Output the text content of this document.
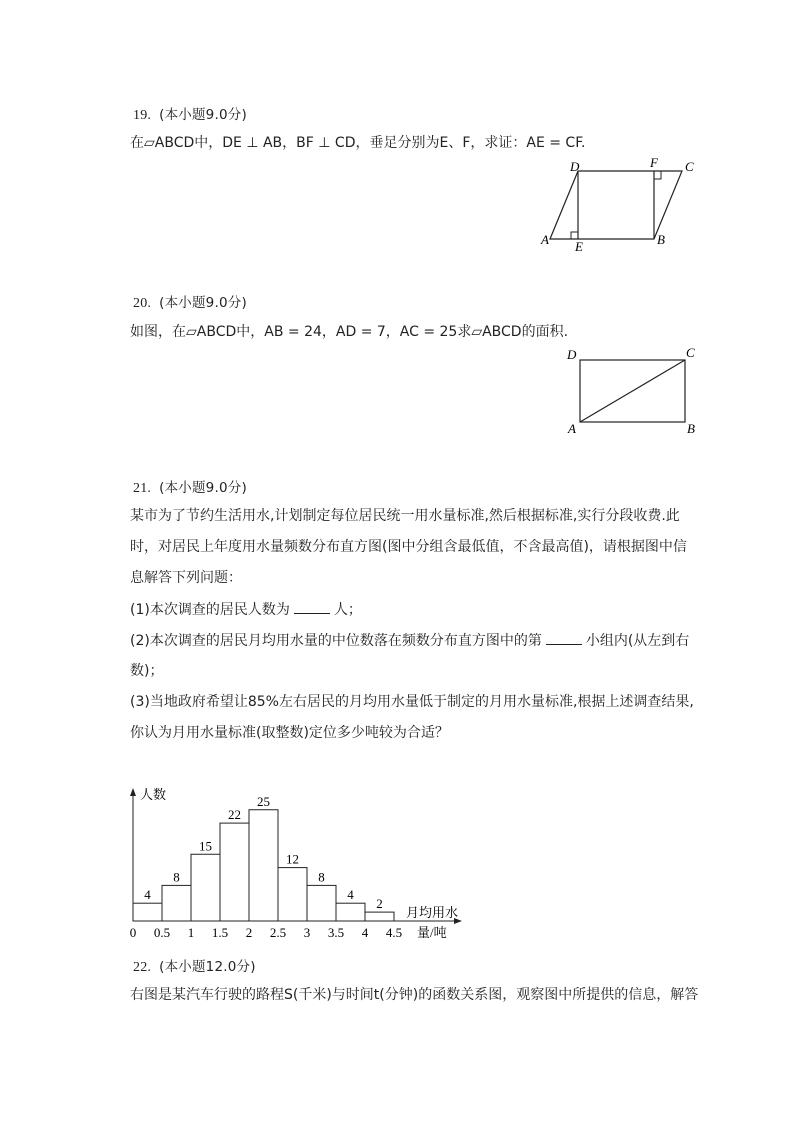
19. (本小题9.0分)
在▱ABCD中，DE ⊥ AB，BF ⊥ CD，垂足分别为E、F，求证：AE = CF.
A	B
C
D
E
F
20. (本小题9.0分)
如图，在▱ABCD中，AB = 24，AD = 7，AC = 25求▱ABCD的面积.
A	B
C
D
21. (本小题9.0分)
某市为了节约生活用水,计划制定每位居民统一用水量标准,然后根据标准,实行分段收费.此
时，对居民上年度用水量频数分布直方图(图中分组含最低值，不含最高值)，请根据图中信
息解答下列问题：
(1)本次调查的居民人数为	人；
(2)本次调查的居民月均用水量的中位数落在频数分布直方图中的第	小组内(从左到右
数)；
(3)当地政府希望让85%左右居民的月均用水量低于制定的月用水量标准,根据上述调查结果,
你认为月用水量标准(取整数)定位多少吨较为合适？
人数
月均用水
量/吨
4
8
15
22
25
12
8
4
2
0 0.5 1 1.5 2 2.5 3 3.5 4 4.5
22. (本小题12.0分)
右图是某汽车行驶的路程S(千米)与时间t(分钟)的函数关系图，观察图中所提供的信息，解答
